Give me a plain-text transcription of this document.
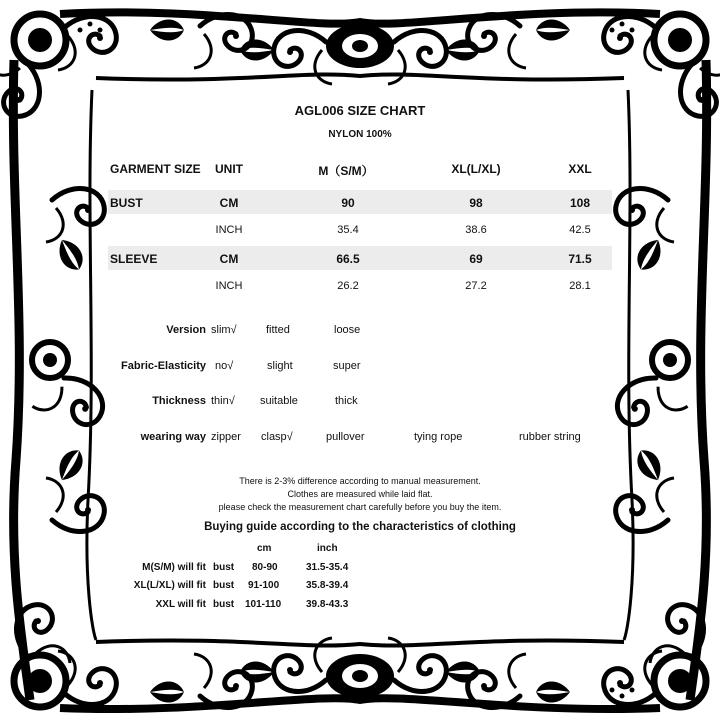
AGL006 SIZE CHART
NYLON 100%
GARMENT SIZE UNIT	M（S/M）	XL(L/XL)	XXL
BUST	CM	90	98	108
INCH	35.4	38.6	42.5
SLEEVE	CM	66.5	69	71.5
INCH	26.2	27.2	28.1
Version slim√	fitted	loose
Fabric-Elasticity no√	slight	super
Thickness thin√ suitable	thick
wearing way zipper clasp√	pullover	tying rope	rubber string
There is 2-3% difference according to manual measurement.
Clothes are measured while laid flat.
please check the measurement chart carefully before you buy the item.
Buying guide according to the characteristics of clothing
cm	inch
M(S/M) will fit bust 80-90	31.5-35.4
XL(L/XL) will fit bust 91-100	35.8-39.4
XXL will fit bust 101-110 39.8-43.3
